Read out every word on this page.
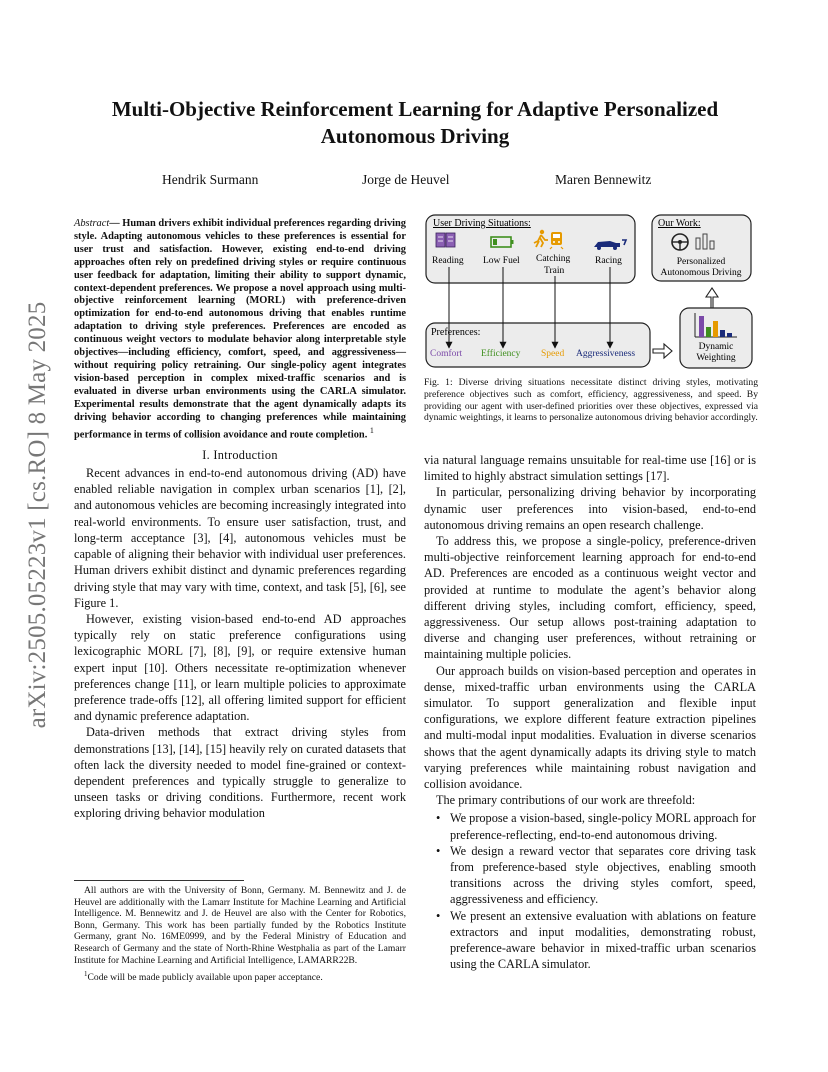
arXiv:2505.05223v1 [cs.RO] 8 May 2025
Multi-Objective Reinforcement Learning for Adaptive Personalized Autonomous Driving
Hendrik Surmann	Jorge de Heuvel	Maren Bennewitz

Abstract— Human drivers exhibit individual preferences regarding driving style. Adapting autonomous vehicles to these preferences is essential for user trust and satisfaction. However, existing end-to-end driving approaches often rely on predefined driving styles or require continuous user feedback for adaptation, limiting their ability to support dynamic, context-dependent preferences. We propose a novel approach using multi-objective reinforcement learning (MORL) with preference-driven optimization for end-to-end autonomous driving that enables runtime adaptation to driving style preferences. Preferences are encoded as continuous weight vectors to modulate behavior along interpretable style objectives—including efficiency, comfort, speed, and aggressiveness—without requiring policy retraining. Our single-policy agent integrates vision-based perception in complex mixed-traffic scenarios and is evaluated in diverse urban environments using the CARLA simulator. Experimental results demonstrate that the agent dynamically adapts its driving behavior according to changing preferences while maintaining performance in terms of collision avoidance and route completion. $^1$

I. Introduction

Recent advances in end-to-end autonomous driving (AD) have enabled reliable navigation in complex urban scenarios [1], [2], and autonomous vehicles are becoming increasingly integrated into real-world environments. To ensure user satisfaction, trust, and long-term acceptance [3], [4], autonomous vehicles must be capable of aligning their behavior with individual user preferences. Human drivers exhibit distinct and dynamic preferences regarding driving style that may vary with time, context, and task [5], [6], see Figure 1.

However, existing vision-based end-to-end AD approaches typically rely on static preference configurations using lexicographic MORL [7], [8], [9], or require extensive human expert input [10]. Others necessitate re-optimization whenever preferences change [11], or learn multiple policies to approximate preference trade-offs [12], all offering limited support for efficient and dynamic preference adaptation.

Data-driven methods that extract driving styles from demonstrations [13], [14], [15] heavily rely on curated datasets that often lack the diversity needed to model fine-grained or context-dependent preferences and typically struggle to generalize to unseen tasks or driving conditions. Furthermore, recent work exploring driving behavior modulation

All authors are with the University of Bonn, Germany. M. Bennewitz and J. de Heuvel are additionally with the Lamarr Institute for Machine Learning and Artificial Intelligence. M. Bennewitz and J. de Heuvel are also with the Center for Robotics, Bonn, Germany. This work has been partially funded by the Robotics Institute Germany, grant No. 16ME0999, and by the Federal Ministry of Education and Research of Germany and the state of North-Rhine Westphalia as part of the Lamarr Institute for Machine Learning and Artificial Intelligence, LAMARR22B.

$^1$Code will be made publicly available upon paper acceptance.

User Driving Situations:
Reading Low Fuel Catching
Train
Racing
Our Work:
Personalized
Autonomous Driving
Preferences:
Comfort Efficiency Speed Aggressiveness
Dynamic
Weighting
Fig. 1: Diverse driving situations necessitate distinct driving styles, motivating preference objectives such as comfort, efficiency, aggressiveness, and speed. By providing our agent with user-defined priorities over these objectives, expressed via dynamic weightings, it learns to personalize autonomous driving behavior accordingly.

via natural language remains unsuitable for real-time use [16] or is limited to highly abstract simulation settings [17].

In particular, personalizing driving behavior by incorporating dynamic user preferences into vision-based, end-to-end autonomous driving remains an open research challenge.

To address this, we propose a single-policy, preference-driven multi-objective reinforcement learning approach for end-to-end AD. Preferences are encoded as a continuous weight vector and provided at runtime to modulate the agent’s behavior along different driving styles, including comfort, efficiency, speed, aggressiveness. Our setup allows post-training adaptation to diverse and changing user preferences, without retraining or maintaining multiple policies.

Our approach builds on vision-based perception and operates in dense, mixed-traffic urban environments using the CARLA simulator. To support generalization and flexible input configurations, we explore different feature extraction pipelines and multi-modal input modalities. Evaluation in diverse scenarios shows that the agent dynamically adapts its driving style to match varying preferences while maintaining robust navigation and collision avoidance.

The primary contributions of our work are threefold:

• We propose a vision-based, single-policy MORL approach for preference-reflecting, end-to-end autonomous driving.
• We design a reward vector that separates core driving task from preference-based style objectives, enabling smooth transitions across the driving styles comfort, speed, aggressiveness and efficiency.
• We present an extensive evaluation with ablations on feature extractors and input modalities, demonstrating robust, preference-aware behavior in mixed-traffic urban scenarios using the CARLA simulator.
